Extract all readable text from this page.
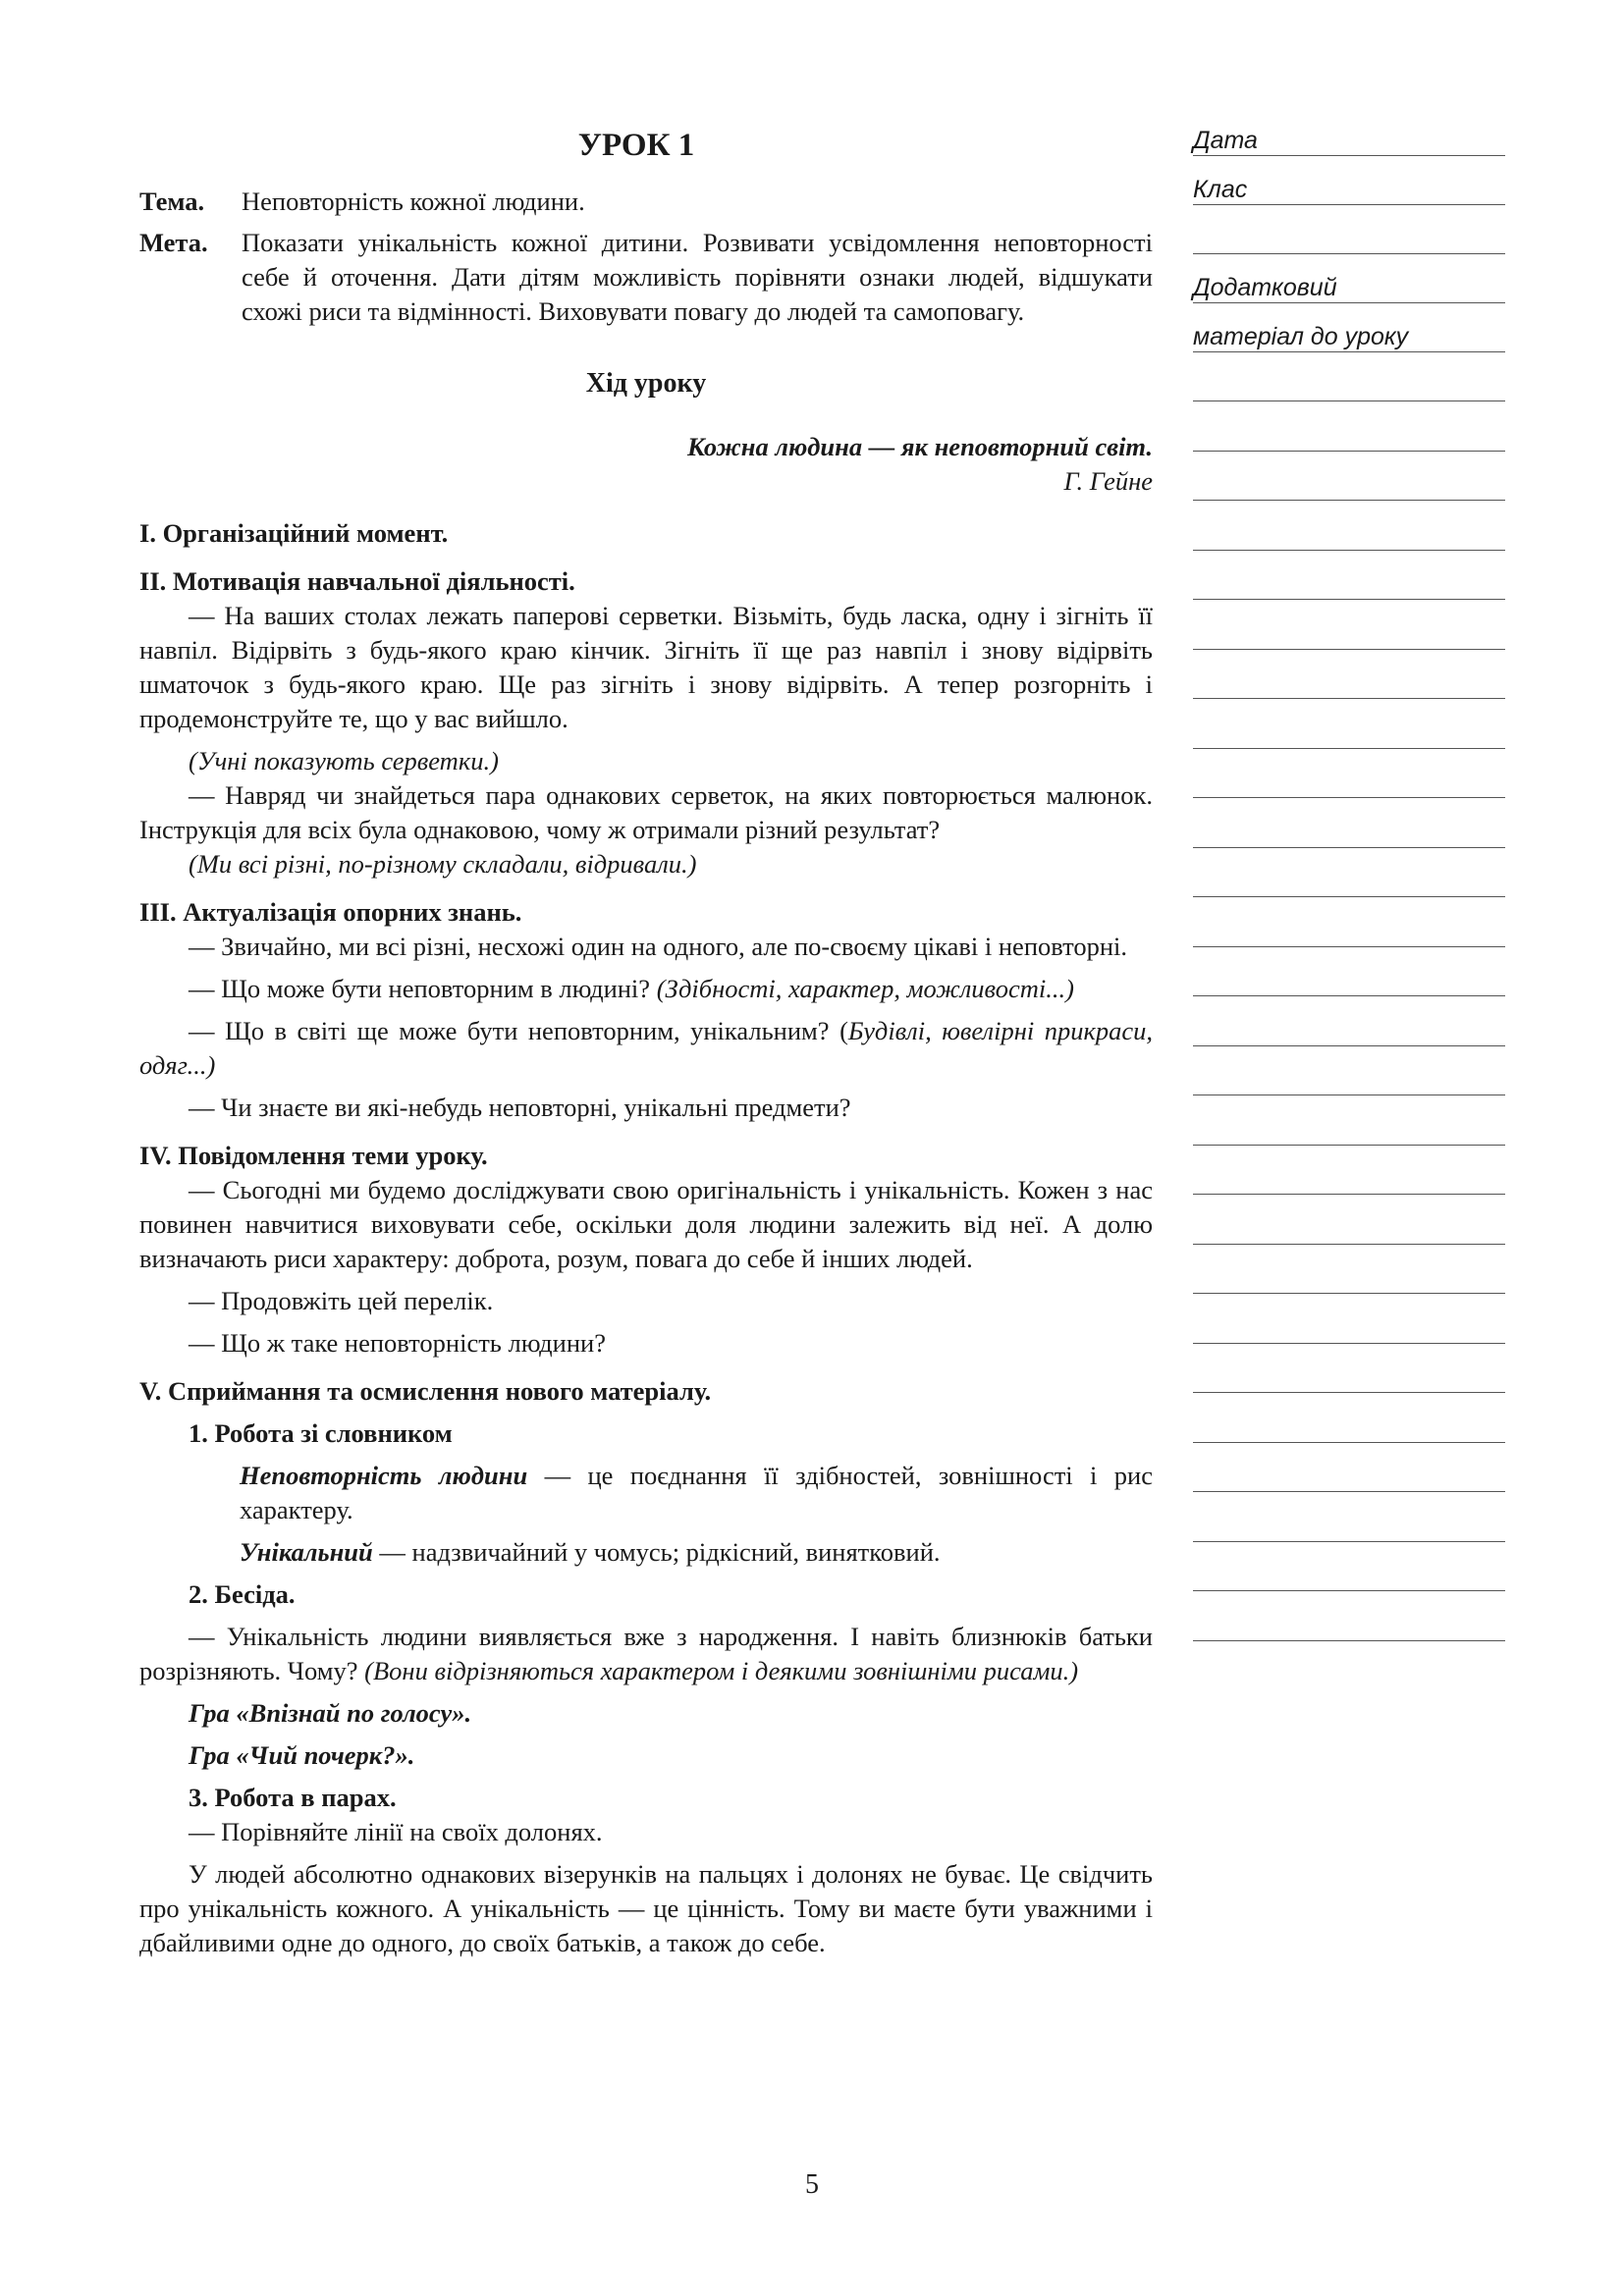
УРОК 1
Тема.	Неповторність кожної людини.
Мета.	Показати унікальність кожної дитини. Розвивати усвідомлення неповторності себе й оточення. Дати дітям можливість порівняти ознаки людей, відшукати схожі риси та відмінності. Виховувати повагу до людей та самоповагу.
Хід уроку
Кожна людина — як неповторний світ.
Г. Гейне
І. Організаційний момент.
ІІ. Мотивація навчальної діяльності.

— На ваших столах лежать паперові серветки. Візьміть, будь ласка, одну і зігніть її навпіл. Відірвіть з будь-якого краю кінчик. Зігніть її ще раз навпіл і знову відірвіть шматочок з будь-якого краю. Ще раз зігніть і знову відірвіть. А тепер розгорніть і продемонструйте те, що у вас вийшло.

(Учні показують серветки.)

— Навряд чи знайдеться пара однакових серветок, на яких повторюється малюнок. Інструкція для всіх була однаковою, чому ж отримали різний результат?

(Ми всі різні, по-різному складали, відривали.)

ІІІ. Актуалізація опорних знань.

— Звичайно, ми всі різні, несхожі один на одного, але по-своєму цікаві і неповторні.

— Що може бути неповторним в людині? (Здібності, характер, можливості...)

— Що в світі ще може бути неповторним, унікальним? (Будівлі, ювелірні прикраси, одяг...)

— Чи знаєте ви які-небудь неповторні, унікальні предмети?

IV. Повідомлення теми уроку.

— Сьогодні ми будемо досліджувати свою оригінальність і унікальність. Кожен з нас повинен навчитися виховувати себе, оскільки доля людини залежить від неї. А долю визначають риси характеру: доброта, розум, повага до себе й інших людей.

— Продовжіть цей перелік.

— Що ж таке неповторність людини?

V. Сприймання та осмислення нового матеріалу.
1. Робота зі словником

Неповторність людини — це поєднання її здібностей, зовнішності і рис характеру.

Унікальний — надзвичайний у чомусь; рідкісний, винятковий.

2. Бесіда.

— Унікальність людини виявляється вже з народження. І навіть близнюків батьки розрізняють. Чому? (Вони відрізняються характером і деякими зовнішніми рисами.)

Гра «Впізнай по голосу».

Гра «Чий почерк?».

3. Робота в парах.

— Порівняйте лінії на своїх долонях.

У людей абсолютно однакових візерунків на пальцях і долонях не буває. Це свідчить про унікальність кожного. А унікальність — це цінність. Тому ви маєте бути уважними і дбайливими одне до одного, до своїх батьків, а також до себе.

5
Дата
Клас
Додатковий
матеріал до уроку
